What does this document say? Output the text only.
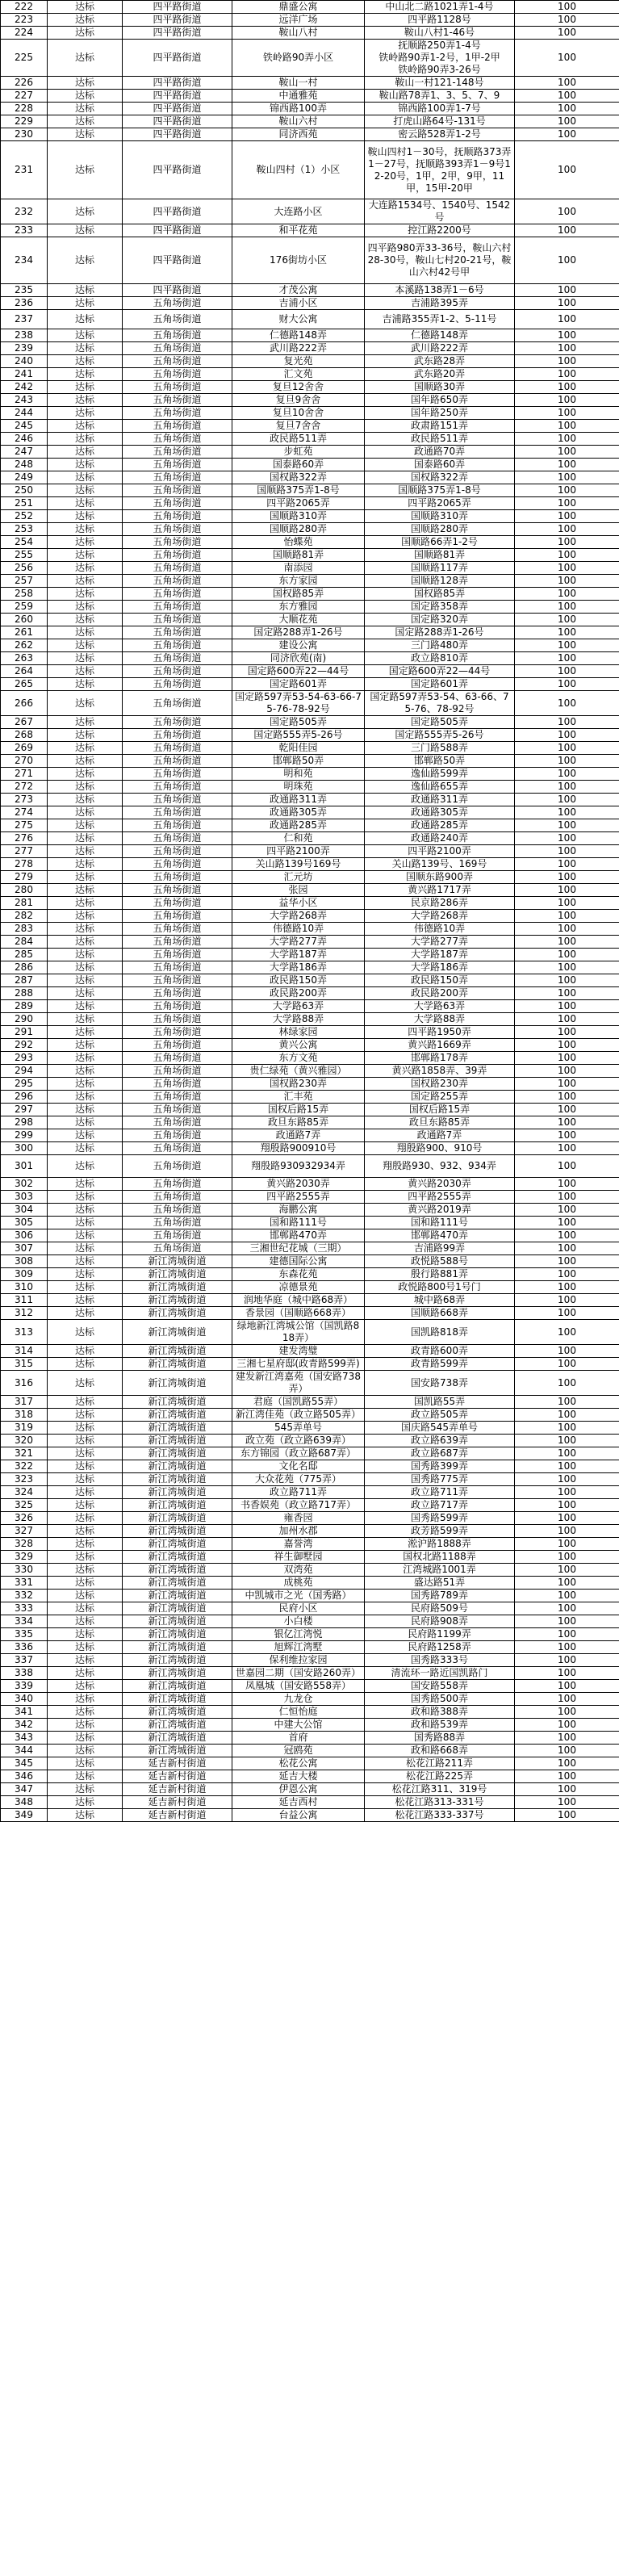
222	达标	四平路街道	鼎盛公寓	中山北二路1021弄1-4号	100
223	达标	四平路街道	远洋广场	四平路1128号	100
224	达标	四平路街道	鞍山八村	鞍山八村1-46号	100
225	达标	四平路街道	铁岭路90弄小区	抚顺路250弄1-4号
铁岭路90弄1-2号，1甲-2甲
铁岭路90弄3-26号	100
226	达标	四平路街道	鞍山一村	鞍山一村121-148号	100
227	达标	四平路街道	中通雅苑	鞍山路78弄1、3、5、7、9	100
228	达标	四平路街道	锦西路100弄	锦西路100弄1-7号	100
229	达标	四平路街道	鞍山六村	打虎山路64号-131号	100
230	达标	四平路街道	同济西苑	密云路528弄1-2号	100
231	达标	四平路街道	鞍山四村（1）小区	鞍山四村1－30号，抚顺路373弄1－27号，抚顺路393弄1－9号12-20号，1甲，2甲，9甲，11甲，15甲-20甲	100
232	达标	四平路街道	大连路小区	大连路1534号、1540号、1542号	100
233	达标	四平路街道	和平花苑	控江路2200号	100
234	达标	四平路街道	176街坊小区	四平路980弄33-36号，鞍山六村28-30号，鞍山七村20-21号，鞍山六村42号甲	100
235	达标	四平路街道	才茂公寓	本溪路138弄1－6号	100
236	达标	五角场街道	吉浦小区	吉浦路395弄	100
237	达标	五角场街道	财大公寓	吉浦路355弄1-2、5-11号	100
238	达标	五角场街道	仁德路148弄	仁德路148弄	100
239	达标	五角场街道	武川路222弄	武川路222弄	100
240	达标	五角场街道	复光苑	武东路28弄	100
241	达标	五角场街道	汇文苑	武东路20弄	100
242	达标	五角场街道	复旦12舍舍	国顺路30弄	100
243	达标	五角场街道	复旦9舍舍	国年路650弄	100
244	达标	五角场街道	复旦10舍舍	国年路250弄	100
245	达标	五角场街道	复旦7舍舍	政肃路151弄	100
246	达标	五角场街道	政民路511弄	政民路511弄	100
247	达标	五角场街道	步虹苑	政通路70弄	100
248	达标	五角场街道	国泰路60弄	国泰路60弄	100
249	达标	五角场街道	国权路322弄	国权路322弄	100
250	达标	五角场街道	国顺路375弄1-8号	国顺路375弄1-8号	100
251	达标	五角场街道	四平路2065弄	四平路2065弄	100
252	达标	五角场街道	国顺路310弄	国顺路310弄	100
253	达标	五角场街道	国顺路280弄	国顺路280弄	100
254	达标	五角场街道	怡蝶苑	国顺路66弄1-2号	100
255	达标	五角场街道	国顺路81弄	国顺路81弄	100
256	达标	五角场街道	南添园	国顺路117弄	100
257	达标	五角场街道	东方家园	国顺路128弄	100
258	达标	五角场街道	国权路85弄	国权路85弄	100
259	达标	五角场街道	东方雅园	国定路358弄	100
260	达标	五角场街道	大顺花苑	国定路320弄	100
261	达标	五角场街道	国定路288弄1-26号	国定路288弄1-26号	100
262	达标	五角场街道	建设公寓	三门路480弄	100
263	达标	五角场街道	同济欣苑(南)	政立路810弄	100
264	达标	五角场街道	国定路600弄22—44号	国定路600弄22—44号	100
265	达标	五角场街道	国定路601弄	国定路601弄	100
266	达标	五角场街道	国定路597弄53-54-63-66-75-76-78-92号	国定路597弄53-54、63-66、75-76、78-92号	100
267	达标	五角场街道	国定路505弄	国定路505弄	100
268	达标	五角场街道	国定路555弄5-26号	国定路555弄5-26号	100
269	达标	五角场街道	乾阳佳园	三门路588弄	100
270	达标	五角场街道	邯郸路50弄	邯郸路50弄	100
271	达标	五角场街道	明和苑	逸仙路599弄	100
272	达标	五角场街道	明珠苑	逸仙路655弄	100
273	达标	五角场街道	政通路311弄	政通路311弄	100
274	达标	五角场街道	政通路305弄	政通路305弄	100
275	达标	五角场街道	政通路285弄	政通路285弄	100
276	达标	五角场街道	仁和苑	政通路240弄	100
277	达标	五角场街道	四平路2100弄	四平路2100弄	100
278	达标	五角场街道	关山路139号169号	关山路139号、169号	100
279	达标	五角场街道	汇元坊	国顺东路900弄	100
280	达标	五角场街道	张园	黄兴路1717弄	100
281	达标	五角场街道	益华小区	民京路286弄	100
282	达标	五角场街道	大学路268弄	大学路268弄	100
283	达标	五角场街道	伟德路10弄	伟德路10弄	100
284	达标	五角场街道	大学路277弄	大学路277弄	100
285	达标	五角场街道	大学路187弄	大学路187弄	100
286	达标	五角场街道	大学路186弄	大学路186弄	100
287	达标	五角场街道	政民路150弄	政民路150弄	100
288	达标	五角场街道	政民路200弄	政民路200弄	100
289	达标	五角场街道	大学路63弄	大学路63弄	100
290	达标	五角场街道	大学路88弄	大学路88弄	100
291	达标	五角场街道	林绿家园	四平路1950弄	100
292	达标	五角场街道	黄兴公寓	黄兴路1669弄	100
293	达标	五角场街道	东方文苑	邯郸路178弄	100
294	达标	五角场街道	贵仁绿苑（黄兴雅园）	黄兴路1858弄、39弄	100
295	达标	五角场街道	国权路230弄	国权路230弄	100
296	达标	五角场街道	汇丰苑	国定路255弄	100
297	达标	五角场街道	国权后路15弄	国权后路15弄	100
298	达标	五角场街道	政旦东路85弄	政旦东路85弄	100
299	达标	五角场街道	政通路7弄	政通路7弄	100
300	达标	五角场街道	翔殷路900910号	翔殷路900、910号	100
301	达标	五角场街道	翔殷路930932934弄	翔殷路930、932、934弄	100
302	达标	五角场街道	黄兴路2030弄	黄兴路2030弄	100
303	达标	五角场街道	四平路2555弄	四平路2555弄	100
304	达标	五角场街道	海鹏公寓	黄兴路2019弄	100
305	达标	五角场街道	国和路111号	国和路111号	100
306	达标	五角场街道	邯郸路470弄	邯郸路470弄	100
307	达标	五角场街道	三湘世纪花城（三期）	吉浦路99弄	100
308	达标	新江湾城街道	建德国际公寓	政悦路588号	100
309	达标	新江湾城街道	东森花苑	殷行路881弄	100
310	达标	新江湾城街道	凉德景苑	政悦路800号1号门	100
311	达标	新江湾城街道	润地华庭（城中路68弄）	城中路68弄	100
312	达标	新江湾城街道	香景园（国顺路668弄）	国顺路668弄	100
313	达标	新江湾城街道	绿地新江湾城公馆（国凯路818弄）	国凯路818弄	100
314	达标	新江湾城街道	建发湾璧	政青路600弄	100
315	达标	新江湾城街道	三湘七星府邸(政青路599弄)	政青路599弄	100
316	达标	新江湾城街道	建发新江湾嘉苑（国安路738弄）	国安路738弄	100
317	达标	新江湾城街道	君庭（国凯路55弄）	国凯路55弄	100
318	达标	新江湾城街道	新江湾佳苑（政立路505弄）	政立路505弄	100
319	达标	新江湾城街道	545弄单号	国庆路545弄单号	100
320	达标	新江湾城街道	政立苑（政立路639弄）	政立路639弄	100
321	达标	新江湾城街道	东方锦园（政立路687弄）	政立路687弄	100
322	达标	新江湾城街道	文化名邸	国秀路399弄	100
323	达标	新江湾城街道	大众花苑（775弄）	国秀路775弄	100
324	达标	新江湾城街道	政立路711弄	政立路711弄	100
325	达标	新江湾城街道	书香娱苑（政立路717弄）	政立路717弄	100
326	达标	新江湾城街道	雍香园	国秀路599弄	100
327	达标	新江湾城街道	加州水郡	政芳路599弄	100
328	达标	新江湾城街道	嘉誉湾	淞沪路1888弄	100
329	达标	新江湾城街道	祥生御墅园	国权北路1188弄	100
330	达标	新江湾城街道	双湾苑	江湾城路1001弄	100
331	达标	新江湾城街道	成桃苑	盛达路51弄	100
332	达标	新江湾城街道	中凯城市之光（国秀路）	国秀路789弄	100
333	达标	新江湾城街道	民府小区	民府路509号	100
334	达标	新江湾城街道	小白楼	民府路908弄	100
335	达标	新江湾城街道	银亿江湾悦	民府路1199弄	100
336	达标	新江湾城街道	旭辉江湾墅	民府路1258弄	100
337	达标	新江湾城街道	保利维拉家园	国秀路333号	100
338	达标	新江湾城街道	世嘉园二期（国安路260弄）	清流环一路近国凯路门	100
339	达标	新江湾城街道	凤凰城（国安路558弄）	国安路558弄	100
340	达标	新江湾城街道	九龙仓	国秀路500弄	100
341	达标	新江湾城街道	仁恒怡庭	政和路388弄	100
342	达标	新江湾城街道	中建大公馆	政和路539弄	100
343	达标	新江湾城街道	首府	国秀路88弄	100
344	达标	新江湾城街道	冠鸥苑	政和路668弄	100
345	达标	延吉新村街道	松花公寓	松花江路211弄	100
346	达标	延吉新村街道	延吉大楼	松花江路225弄	100
347	达标	延吉新村街道	伊恩公寓	松花江路311、319号	100
348	达标	延吉新村街道	延吉西村	松花江路313-331号	100
349	达标	延吉新村街道	台益公寓	松花江路333-337号	100
